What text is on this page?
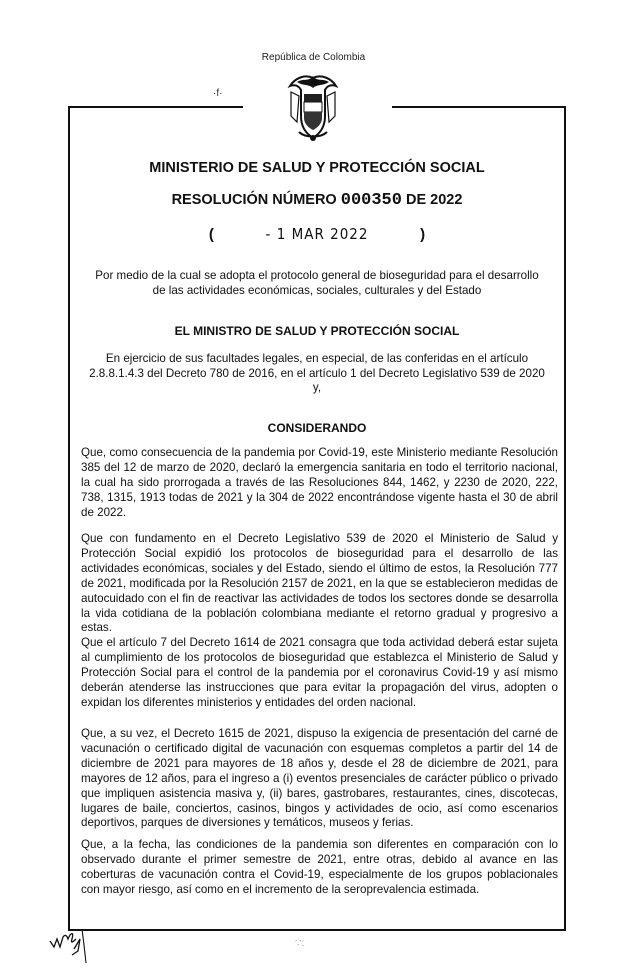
República de Colombia
·f·
MINISTERIO DE SALUD Y PROTECCIÓN SOCIAL
RESOLUCIÓN NÚMERO 000350 DE 2022
(	- 1 MAR 2022	)
Por medio de la cual se adopta el protocolo general de bioseguridad para el desarrollo
de las actividades económicas, sociales, culturales y del Estado
EL MINISTRO DE SALUD Y PROTECCIÓN SOCIAL
En ejercicio de sus facultades legales, en especial, de las conferidas en el artículo
2.8.8.1.4.3 del Decreto 780 de 2016, en el artículo 1 del Decreto Legislativo 539 de 2020
y,
CONSIDERANDO

Que, como consecuencia de la pandemia por Covid-19, este Ministerio mediante Resolución 385 del 12 de marzo de 2020, declaró la emergencia sanitaria en todo el territorio nacional, la cual ha sido prorrogada a través de las Resoluciones 844, 1462, y 2230 de 2020, 222, 738, 1315, 1913 todas de 2021 y la 304 de 2022 encontrándose vigente hasta el 30 de abril de 2022.

Que con fundamento en el Decreto Legislativo 539 de 2020 el Ministerio de Salud y Protección Social expidió los protocolos de bioseguridad para el desarrollo de las actividades económicas, sociales y del Estado, siendo el último de estos, la Resolución 777 de 2021, modificada por la Resolución 2157 de 2021, en la que se establecieron medidas de autocuidado con el fin de reactivar las actividades de todos los sectores donde se desarrolla la vida cotidiana de la población colombiana mediante el retorno gradual y progresivo a estas.

Que el artículo 7 del Decreto 1614 de 2021 consagra que toda actividad deberá estar sujeta al cumplimiento de los protocolos de bioseguridad que establezca el Ministerio de Salud y Protección Social para el control de la pandemia por el coronavirus Covid-19 y así mismo deberán atenderse las instrucciones que para evitar la propagación del virus, adopten o expidan los diferentes ministerios y entidades del orden nacional.

Que, a su vez, el Decreto 1615 de 2021, dispuso la exigencia de presentación del carné de vacunación o certificado digital de vacunación con esquemas completos a partir del 14 de diciembre de 2021 para mayores de 18 años y, desde el 28 de diciembre de 2021, para mayores de 12 años, para el ingreso a (i) eventos presenciales de carácter público o privado que impliquen asistencia masiva y, (ii) bares, gastrobares, restaurantes, cines, discotecas, lugares de baile, conciertos, casinos, bingos y actividades de ocio, así como escenarios deportivos, parques de diversiones y temáticos, museos y ferias.

Que, a la fecha, las condiciones de la pandemia son diferentes en comparación con lo observado durante el primer semestre de 2021, entre otras, debido al avance en las coberturas de vacunación contra el Covid-19, especialmente de los grupos poblacionales con mayor riesgo, así como en el incremento de la seroprevalencia estimada.

∵:
